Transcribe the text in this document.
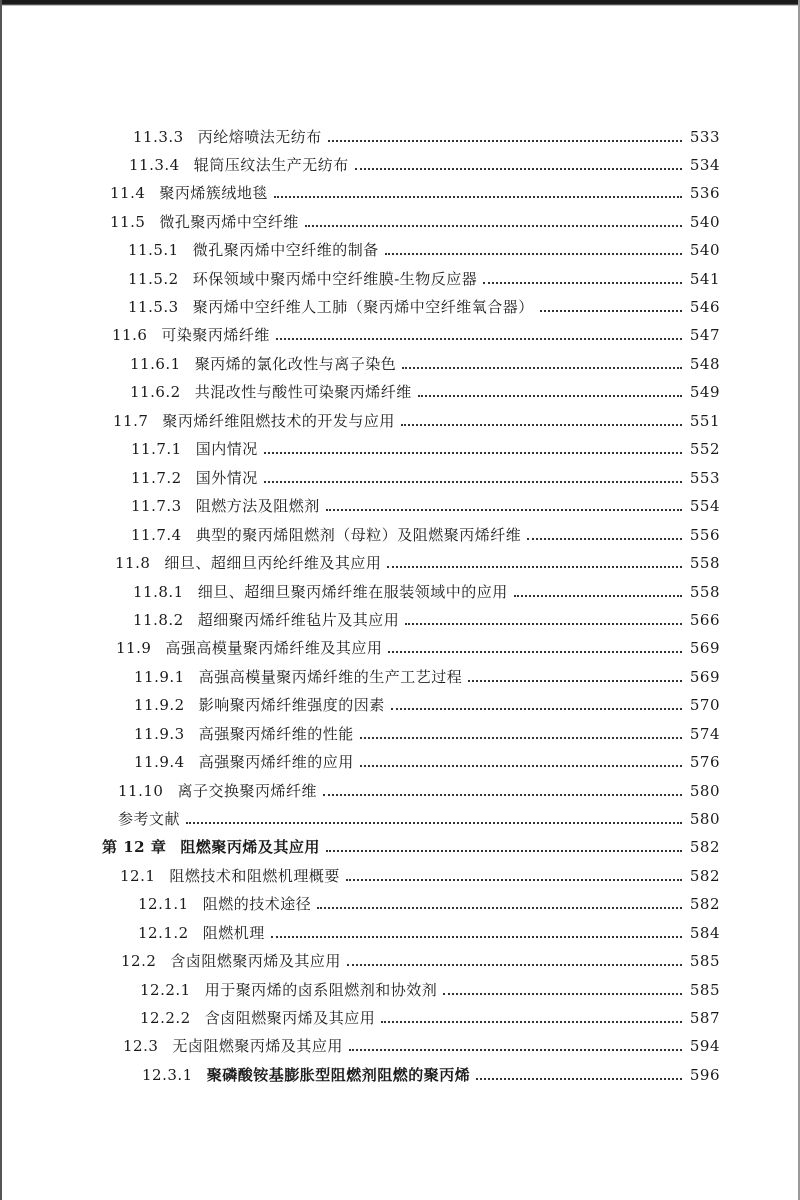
11.3.3 丙纶熔喷法无纺布	533
11.3.4 辊筒压纹法生产无纺布	534
11.4 聚丙烯簇绒地毯	536
11.5 微孔聚丙烯中空纤维	540
11.5.1 微孔聚丙烯中空纤维的制备	540
11.5.2 环保领域中聚丙烯中空纤维膜-生物反应器	541
11.5.3 聚丙烯中空纤维人工肺（聚丙烯中空纤维氧合器）	546
11.6 可染聚丙烯纤维	547
11.6.1 聚丙烯的氯化改性与离子染色	548
11.6.2 共混改性与酸性可染聚丙烯纤维	549
11.7 聚丙烯纤维阻燃技术的开发与应用	551
11.7.1 国内情况	552
11.7.2 国外情况	553
11.7.3 阻燃方法及阻燃剂	554
11.7.4 典型的聚丙烯阻燃剂（母粒）及阻燃聚丙烯纤维	556
11.8 细旦、超细旦丙纶纤维及其应用	558
11.8.1 细旦、超细旦聚丙烯纤维在服装领域中的应用	558
11.8.2 超细聚丙烯纤维毡片及其应用	566
11.9 高强高模量聚丙烯纤维及其应用	569
11.9.1 高强高模量聚丙烯纤维的生产工艺过程	569
11.9.2 影响聚丙烯纤维强度的因素	570
11.9.3 高强聚丙烯纤维的性能	574
11.9.4 高强聚丙烯纤维的应用	576
11.10 离子交换聚丙烯纤维	580
参考文献	580
第 12 章 阻燃聚丙烯及其应用	582
12.1 阻燃技术和阻燃机理概要	582
12.1.1 阻燃的技术途径	582
12.1.2 阻燃机理	584
12.2 含卤阻燃聚丙烯及其应用	585
12.2.1 用于聚丙烯的卤系阻燃剂和协效剂	585
12.2.2 含卤阻燃聚丙烯及其应用	587
12.3 无卤阻燃聚丙烯及其应用	594
12.3.1 聚磷酸铵基膨胀型阻燃剂阻燃的聚丙烯	596
